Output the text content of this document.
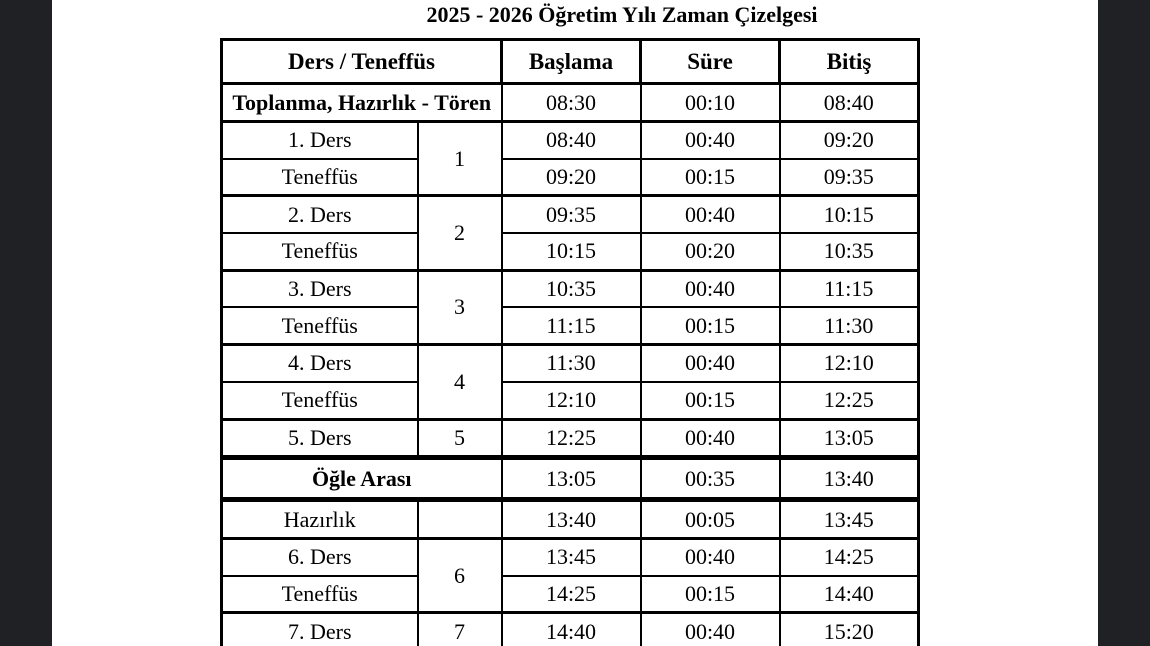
2025 - 2026 Öğretim Yılı Zaman Çizelgesi
Ders / Teneffüs		Başlama	Süre	Bitiş
Toplanma, Hazırlık - Tören		08:30	00:10	08:40
1. Ders	1	08:40	00:40	09:20
Teneffüs		09:20	00:15	09:35
2. Ders	2	09:35	00:40	10:15
Teneffüs		10:15	00:20	10:35
3. Ders	3	10:35	00:40	11:15
Teneffüs		11:15	00:15	11:30
4. Ders	4	11:30	00:40	12:10
Teneffüs		12:10	00:15	12:25
5. Ders	5	12:25	00:40	13:05
Öğle Arası		13:05	00:35	13:40
Hazırlık		13:40	00:05	13:45
6. Ders	6	13:45	00:40	14:25
Teneffüs		14:25	00:15	14:40
7. Ders	7	14:40	00:40	15:20
